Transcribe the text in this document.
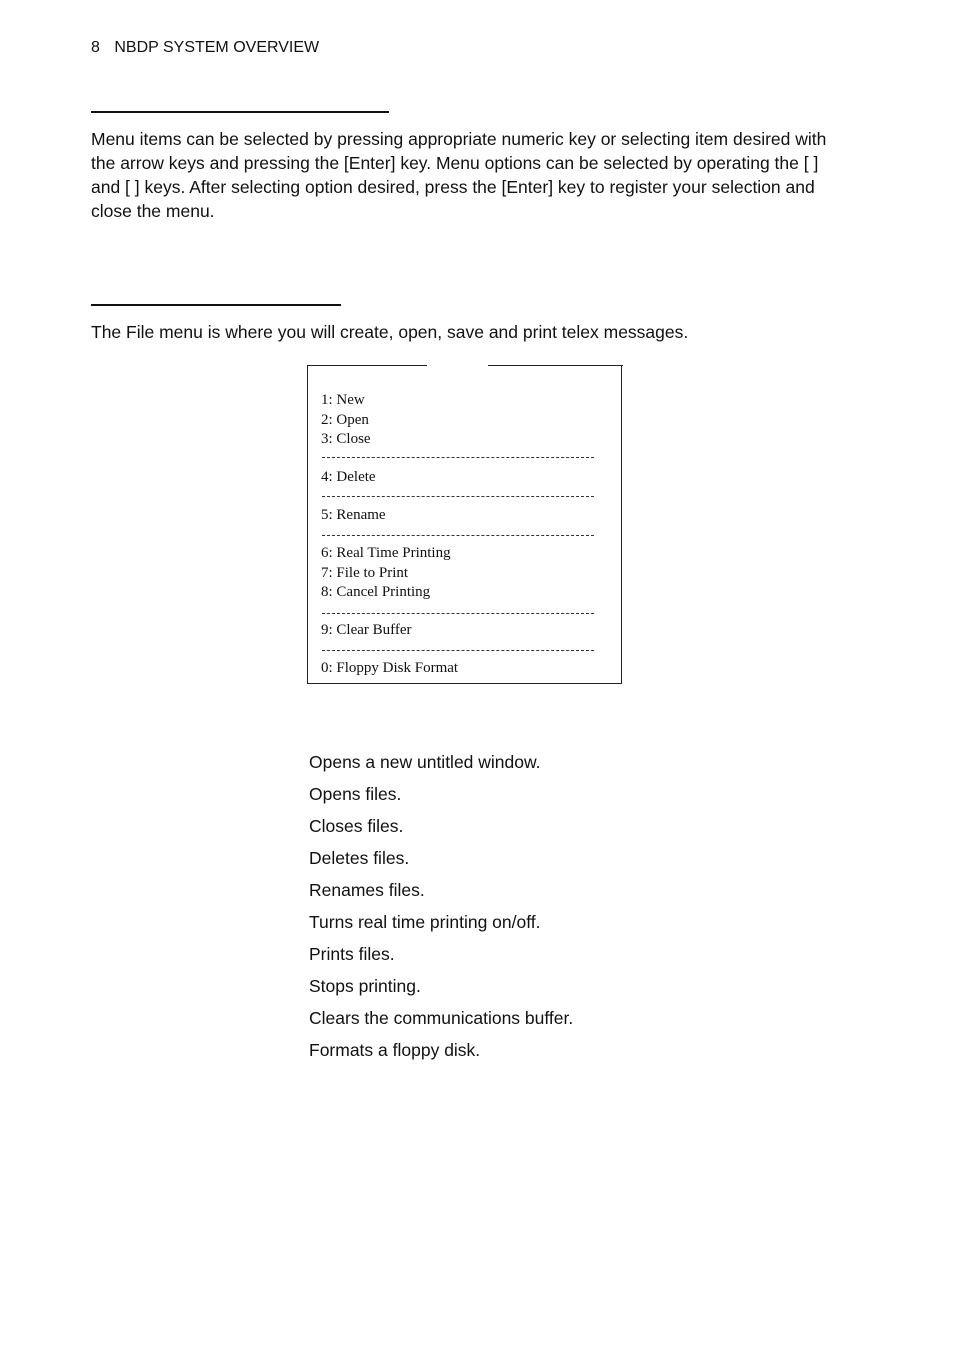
8 NBDP SYSTEM OVERVIEW

Menu items can be selected by pressing appropriate numeric key or selecting item desired with the arrow keys and pressing the [Enter] key. Menu options can be selected by operating the [ ] and [ ] keys. After selecting option desired, press the [Enter] key to register your selection and close the menu.

The File menu is where you will create, open, save and print telex messages.

1: New
2: Open
3: Close
4: Delete
5: Rename
6: Real Time Printing
7: File to Print
8: Cancel Printing
9: Clear Buffer
0: Floppy Disk Format
Opens a new untitled window.
Opens files.
Closes files.
Deletes files.
Renames files.
Turns real time printing on/off.
Prints files.
Stops printing.
Clears the communications buffer.
Formats a floppy disk.
